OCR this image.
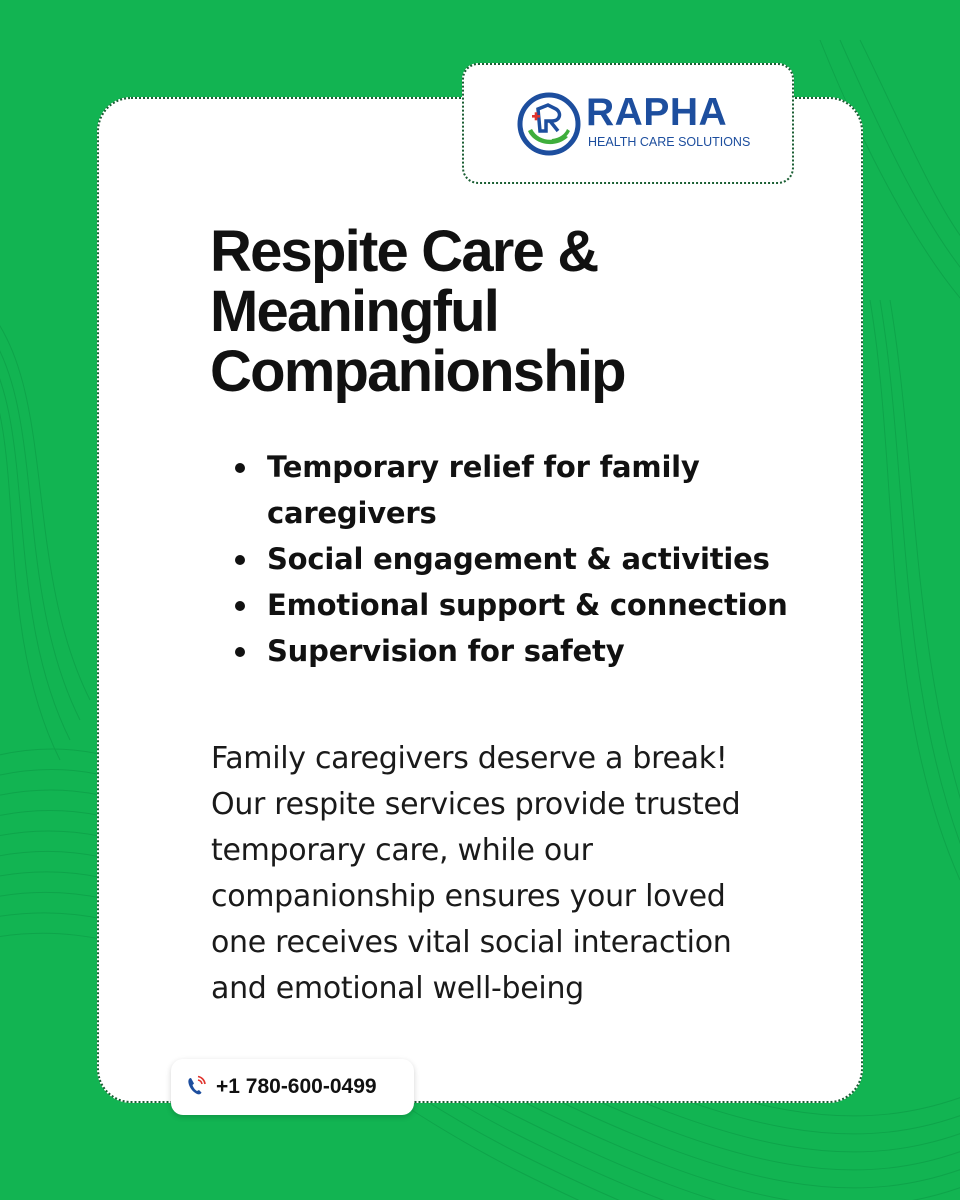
RAPHA
HEALTH CARE SOLUTIONS
Respite Care &
Meaningful
Companionship
Temporary relief for family caregivers
Social engagement & activities
Emotional support & connection
Supervision for safety

Family caregivers deserve a break!
Our respite services provide trusted
temporary care, while our
companionship ensures your loved
one receives vital social interaction
and emotional well-being

+1 780-600-0499
